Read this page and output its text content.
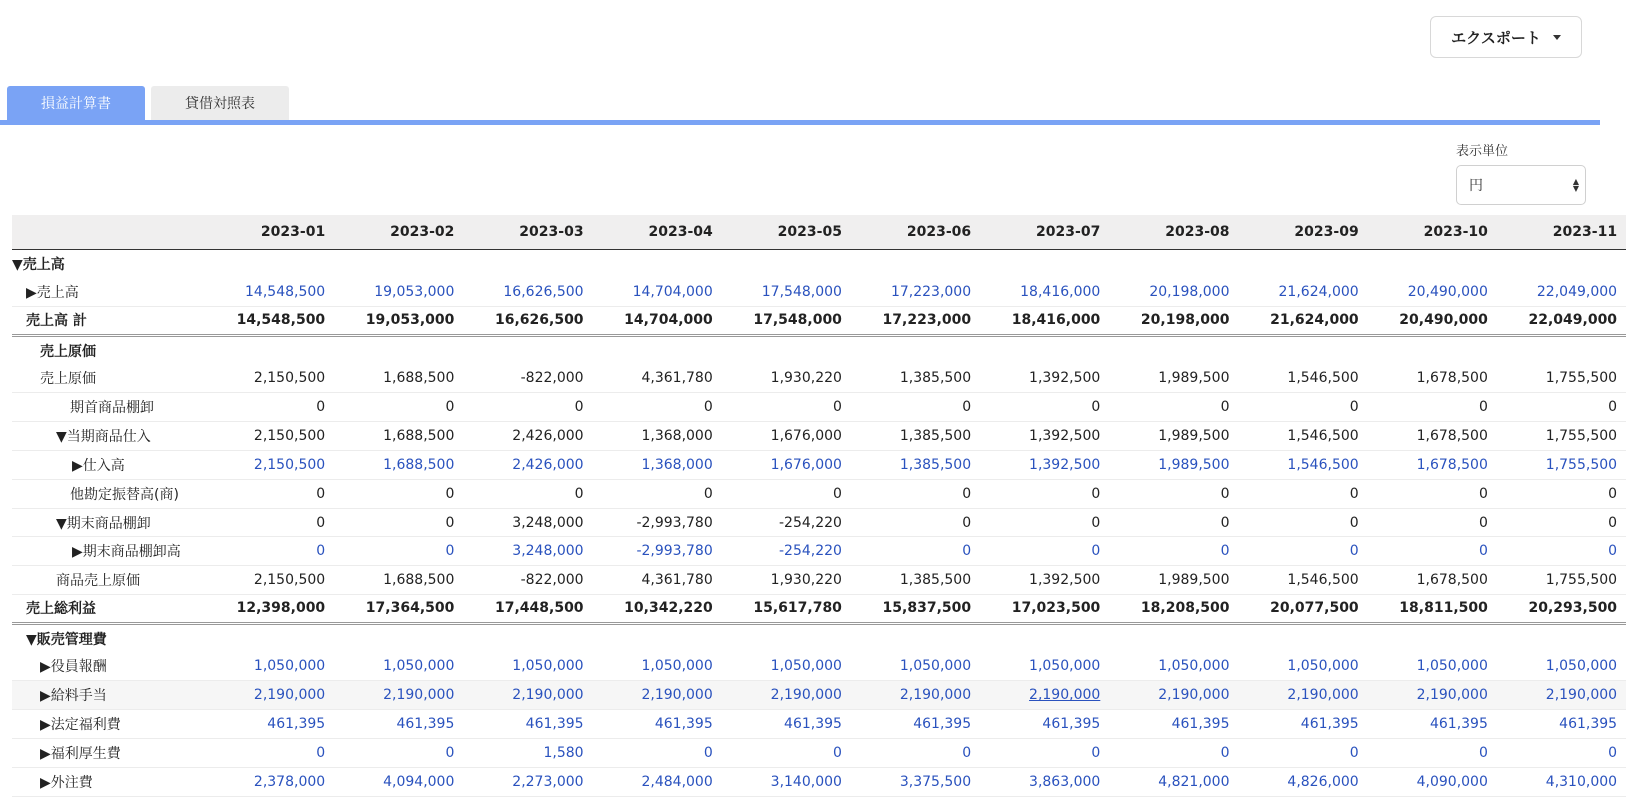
エクスポート
損益計算書	貸借対照表
表示単位
円	▲
▼
	2023-01	2023-02	2023-03	2023-04	2023-05	2023-06	2023-07	2023-08	2023-09	2023-10	2023-11
▼売上高											
▶売上高	14,548,500	19,053,000	16,626,500	14,704,000	17,548,000	17,223,000	18,416,000	20,198,000	21,624,000	20,490,000	22,049,000
売上高 計	14,548,500	19,053,000	16,626,500	14,704,000	17,548,000	17,223,000	18,416,000	20,198,000	21,624,000	20,490,000	22,049,000
売上原価											
売上原価	2,150,500	1,688,500	-822,000	4,361,780	1,930,220	1,385,500	1,392,500	1,989,500	1,546,500	1,678,500	1,755,500
期首商品棚卸	0	0	0	0	0	0	0	0	0	0	0
▼当期商品仕入	2,150,500	1,688,500	2,426,000	1,368,000	1,676,000	1,385,500	1,392,500	1,989,500	1,546,500	1,678,500	1,755,500
▶仕入高	2,150,500	1,688,500	2,426,000	1,368,000	1,676,000	1,385,500	1,392,500	1,989,500	1,546,500	1,678,500	1,755,500
他勘定振替高(商)	0	0	0	0	0	0	0	0	0	0	0
▼期末商品棚卸	0	0	3,248,000	-2,993,780	-254,220	0	0	0	0	0	0
▶期末商品棚卸高	0	0	3,248,000	-2,993,780	-254,220	0	0	0	0	0	0
商品売上原価	2,150,500	1,688,500	-822,000	4,361,780	1,930,220	1,385,500	1,392,500	1,989,500	1,546,500	1,678,500	1,755,500
売上総利益	12,398,000	17,364,500	17,448,500	10,342,220	15,617,780	15,837,500	17,023,500	18,208,500	20,077,500	18,811,500	20,293,500
▼販売管理費											
▶役員報酬	1,050,000	1,050,000	1,050,000	1,050,000	1,050,000	1,050,000	1,050,000	1,050,000	1,050,000	1,050,000	1,050,000
▶給料手当	2,190,000	2,190,000	2,190,000	2,190,000	2,190,000	2,190,000	2,190,000	2,190,000	2,190,000	2,190,000	2,190,000
▶法定福利費	461,395	461,395	461,395	461,395	461,395	461,395	461,395	461,395	461,395	461,395	461,395
▶福利厚生費	0	0	1,580	0	0	0	0	0	0	0	0
▶外注費	2,378,000	4,094,000	2,273,000	2,484,000	3,140,000	3,375,500	3,863,000	4,821,000	4,826,000	4,090,000	4,310,000
